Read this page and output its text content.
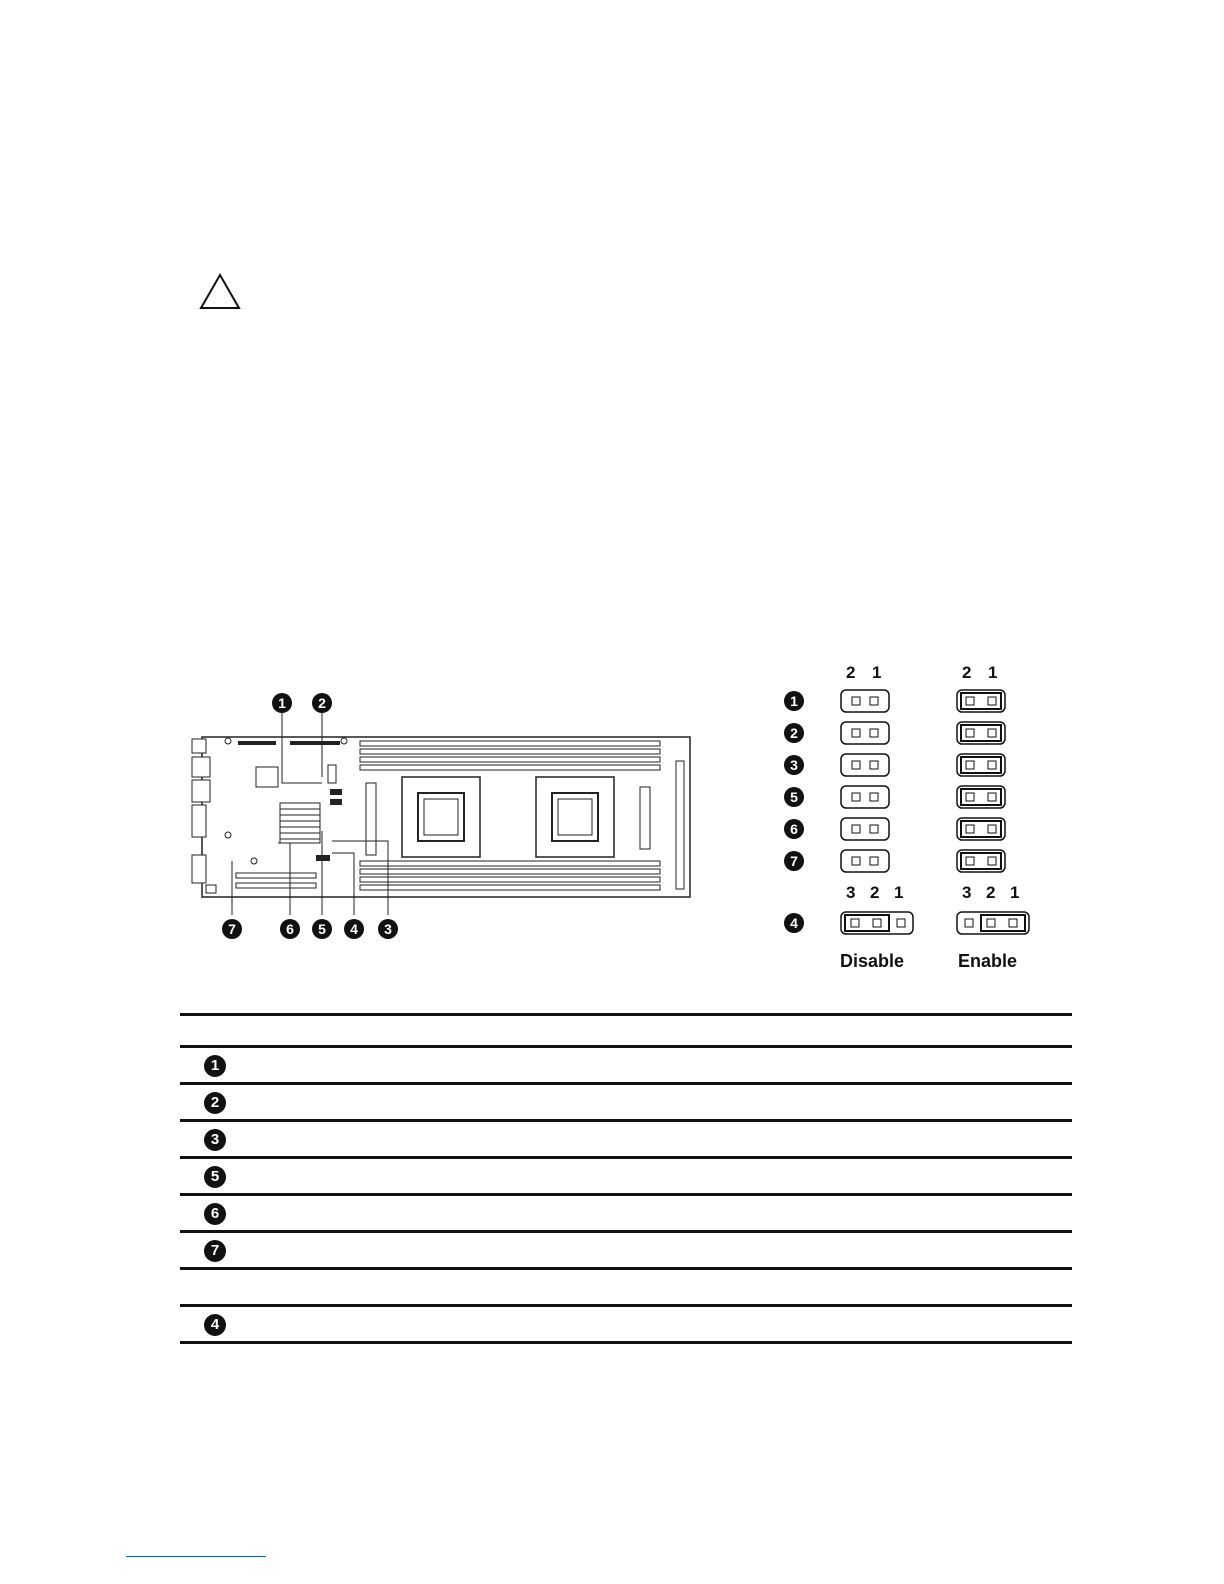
1 2
7	6 5 4 3
2 1	2 1
1
2
3
5
6
7
3 2 1	3 2 1
4
Disable	Enable
1
2
3
5
6
7
4
